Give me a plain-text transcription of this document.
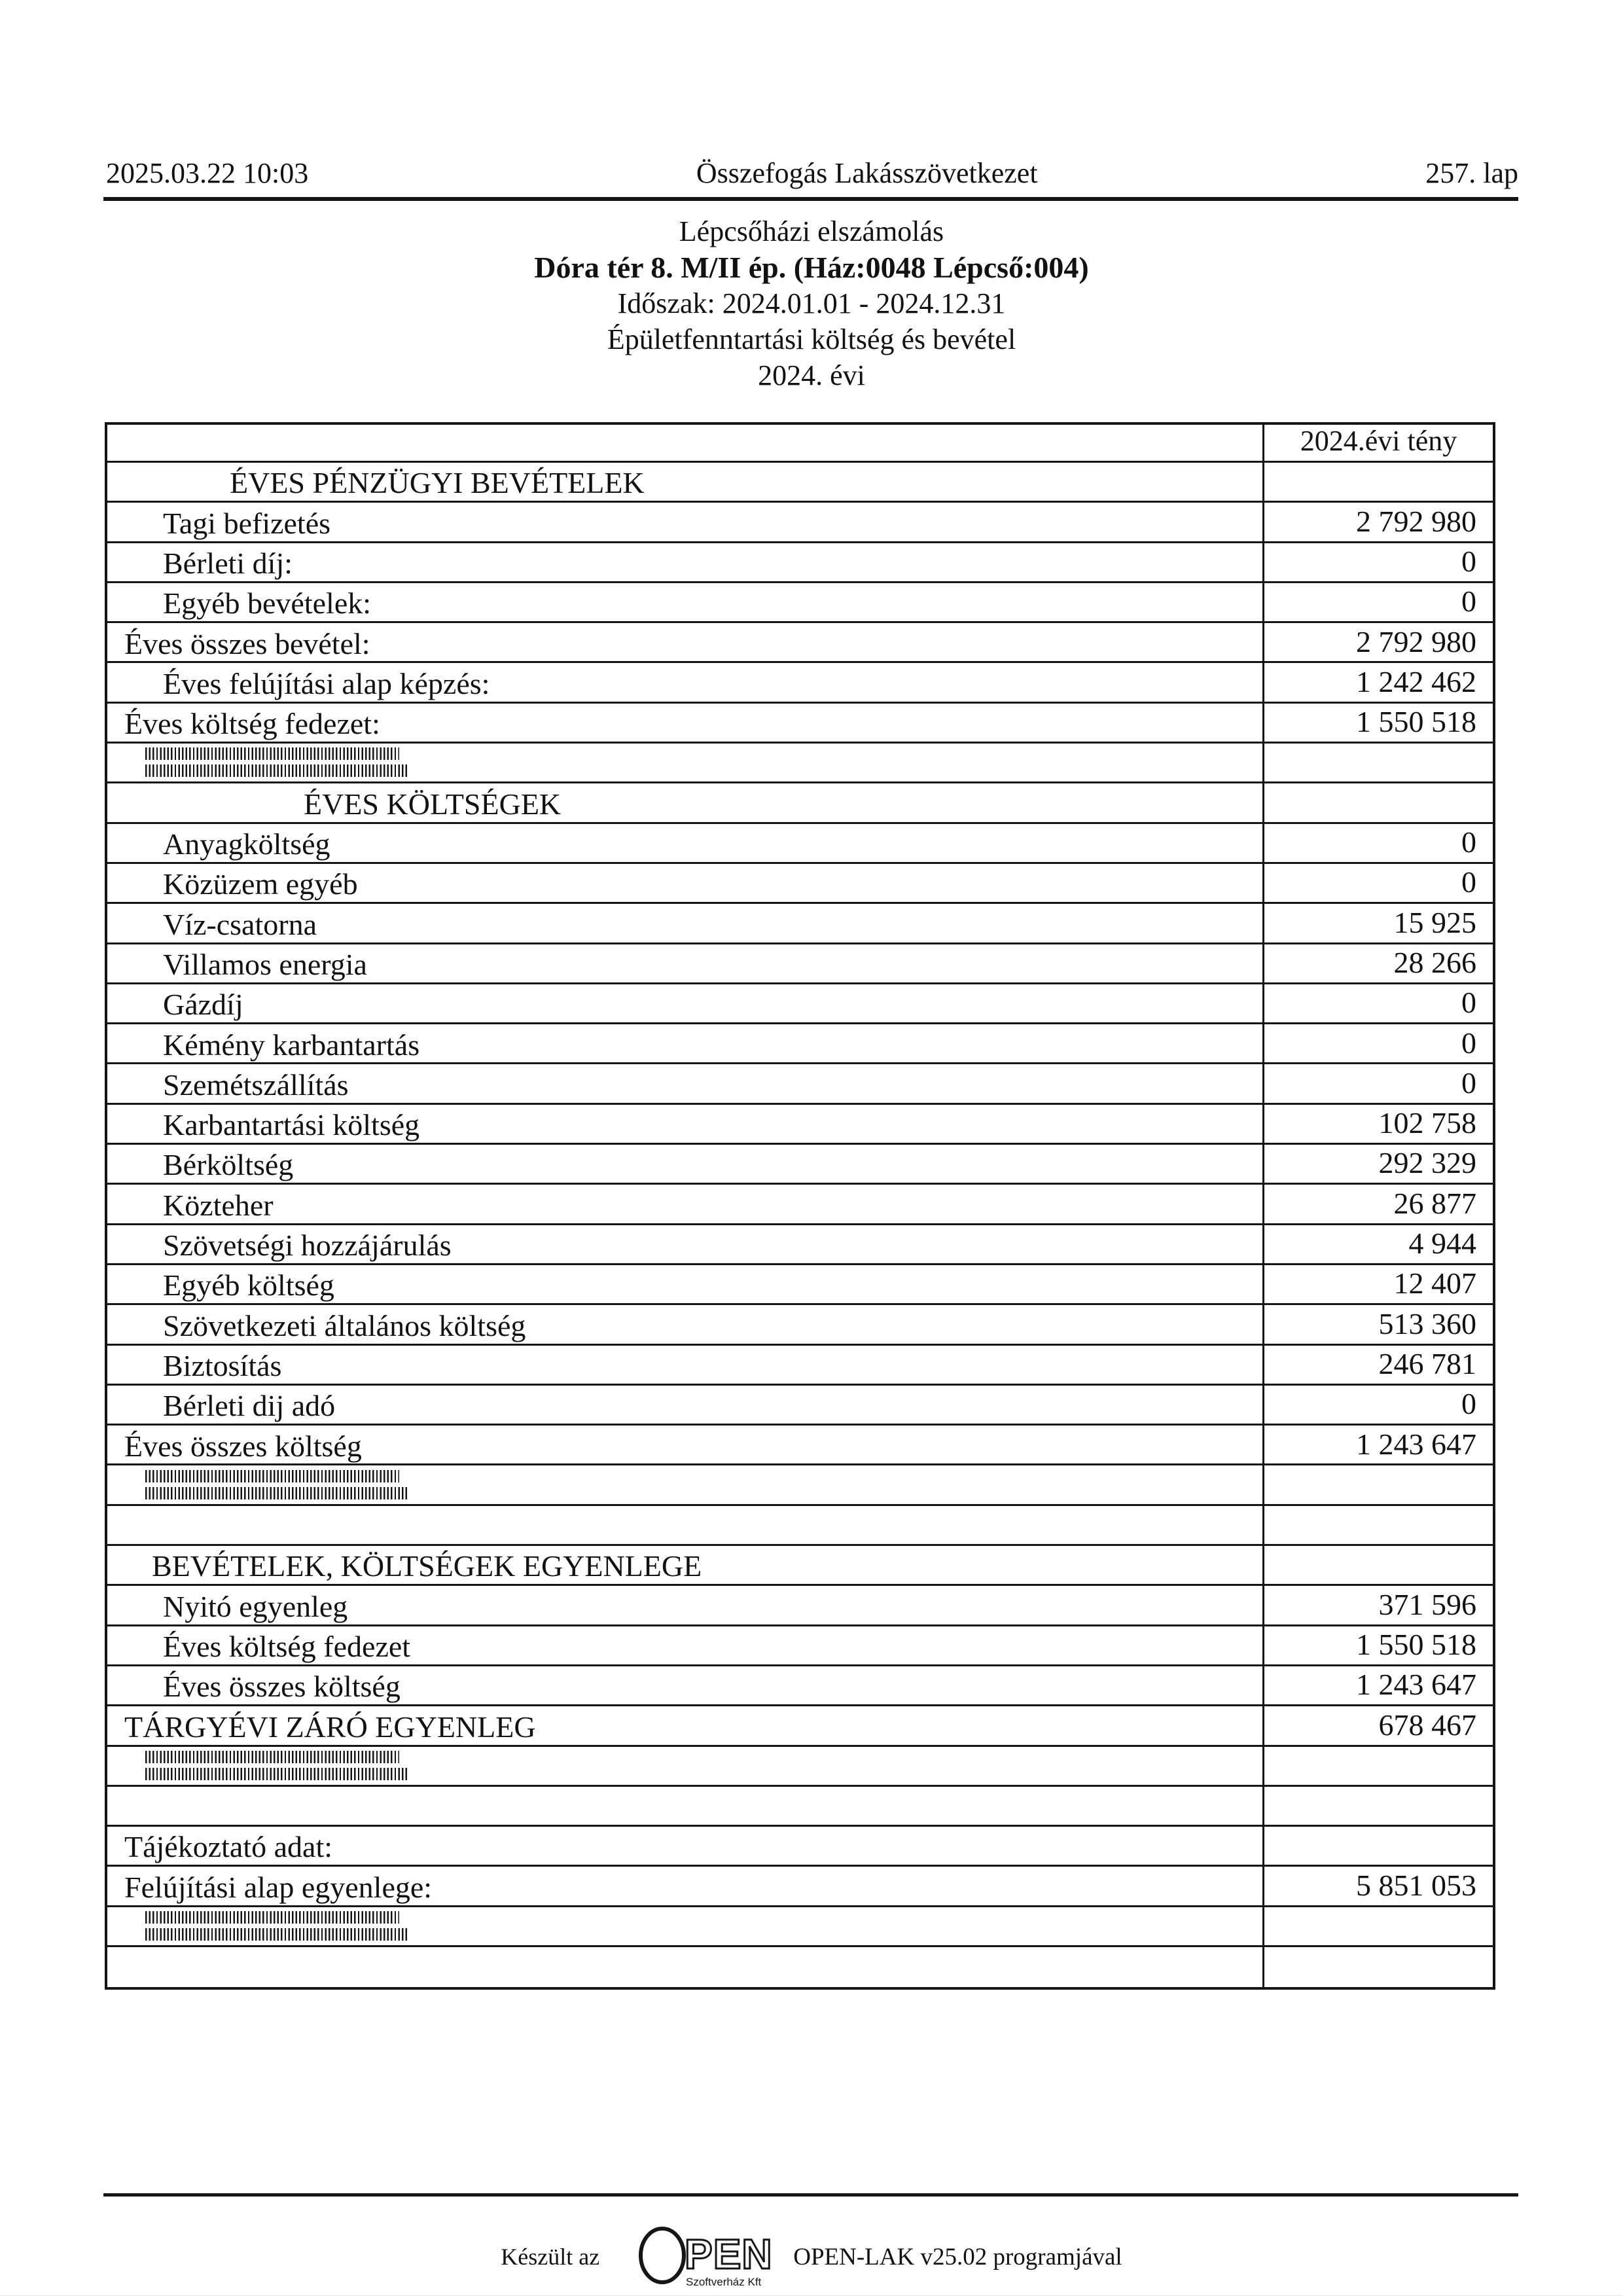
2025.03.22 10:03	Összefogás Lakásszövetkezet	257. lap
Lépcsőházi elszámolás
Dóra tér 8. M/II ép. (Ház:0048 Lépcső:004)
Időszak: 2024.01.01 - 2024.12.31
Épületfenntartási költség és bevétel
2024. évi
2024.évi tény
ÉVES PÉNZÜGYI BEVÉTELEK
Tagi befizetés	2 792 980
Bérleti díj:	0
Egyéb bevételek:	0
Éves összes bevétel:	2 792 980
Éves felújítási alap képzés:	1 242 462
Éves költség fedezet:	1 550 518
ÉVES KÖLTSÉGEK
Anyagköltség	0
Közüzem egyéb	0
Víz-csatorna	15 925
Villamos energia	28 266
Gázdíj	0
Kémény karbantartás	0
Szemétszállítás	0
Karbantartási költség	102 758
Bérköltség	292 329
Közteher	26 877
Szövetségi hozzájárulás	4 944
Egyéb költség	12 407
Szövetkezeti általános költség	513 360
Biztosítás	246 781
Bérleti dij adó	0
Éves összes költség	1 243 647
BEVÉTELEK, KÖLTSÉGEK EGYENLEGE
Nyitó egyenleg	371 596
Éves költség fedezet	1 550 518
Éves összes költség	1 243 647
TÁRGYÉVI ZÁRÓ EGYENLEG	678 467
Tájékoztató adat:
Felújítási alap egyenlege:	5 851 053
Készült az PEN
Szoftverház Kft
OPEN-LAK v25.02 programjával
